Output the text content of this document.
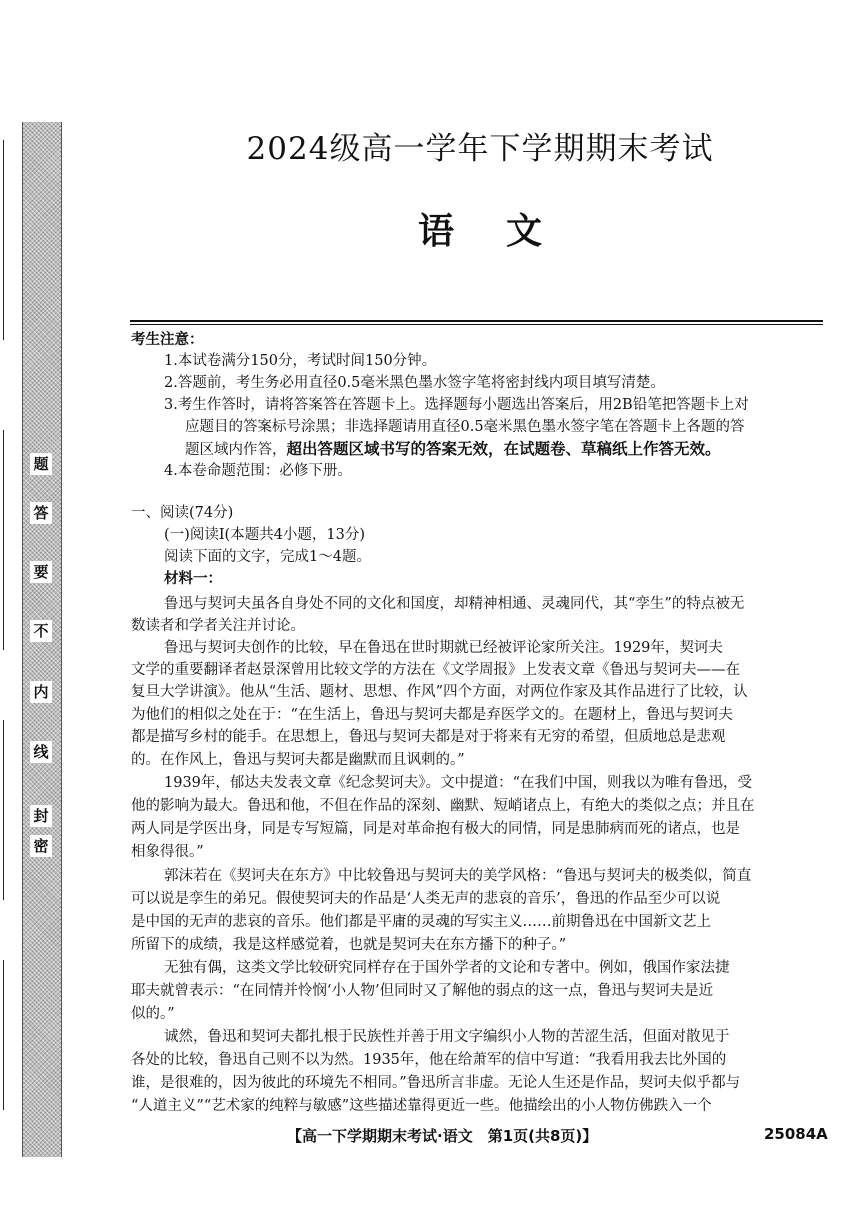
题
答
要
不
内
线
封
密
2024级高一学年下学期期末考试
语文
考生注意：
1.本试卷满分150分，考试时间150分钟。
2.答题前，考生务必用直径0.5毫米黑色墨水签字笔将密封线内项目填写清楚。
3.考生作答时，请将答案答在答题卡上。选择题每小题选出答案后，用2B铅笔把答题卡上对
应题目的答案标号涂黑；非选择题请用直径0.5毫米黑色墨水签字笔在答题卡上各题的答
题区域内作答，超出答题区域书写的答案无效，在试题卷、草稿纸上作答无效。
4.本卷命题范围：必修下册。
一、阅读(74分)
(一)阅读Ⅰ(本题共4小题，13分)
阅读下面的文字，完成1～4题。
材料一：
鲁迅与契诃夫虽各自身处不同的文化和国度，却精神相通、灵魂同代，其“孪生”的特点被无
数读者和学者关注并讨论。
鲁迅与契诃夫创作的比较，早在鲁迅在世时期就已经被评论家所关注。1929年，契诃夫
文学的重要翻译者赵景深曾用比较文学的方法在《文学周报》上发表文章《鲁迅与契诃夫——在
复旦大学讲演》。他从“生活、题材、思想、作风”四个方面，对两位作家及其作品进行了比较，认
为他们的相似之处在于：“在生活上，鲁迅与契诃夫都是弃医学文的。在题材上，鲁迅与契诃夫
都是描写乡村的能手。在思想上，鲁迅与契诃夫都是对于将来有无穷的希望，但质地总是悲观
的。在作风上，鲁迅与契诃夫都是幽默而且讽刺的。”
1939年，郁达夫发表文章《纪念契诃夫》。文中提道：“在我们中国，则我以为唯有鲁迅，受
他的影响为最大。鲁迅和他，不但在作品的深刻、幽默、短峭诸点上，有绝大的类似之点；并且在
两人同是学医出身，同是专写短篇，同是对革命抱有极大的同情，同是患肺病而死的诸点，也是
相象得很。”
郭沫若在《契诃夫在东方》中比较鲁迅与契诃夫的美学风格：“鲁迅与契诃夫的极类似，简直
可以说是孪生的弟兄。假使契诃夫的作品是‘人类无声的悲哀的音乐’，鲁迅的作品至少可以说
是中国的无声的悲哀的音乐。他们都是平庸的灵魂的写实主义……前期鲁迅在中国新文艺上
所留下的成绩，我是这样感觉着，也就是契诃夫在东方播下的种子。”
无独有偶，这类文学比较研究同样存在于国外学者的文论和专著中。例如，俄国作家法捷
耶夫就曾表示：“在同情并怜悯‘小人物’但同时又了解他的弱点的这一点，鲁迅与契诃夫是近
似的。”
诚然，鲁迅和契诃夫都扎根于民族性并善于用文字编织小人物的苦涩生活，但面对散见于
各处的比较，鲁迅自己则不以为然。1935年，他在给萧军的信中写道：“我看用我去比外国的
谁，是很难的，因为彼此的环境先不相同。”鲁迅所言非虚。无论人生还是作品，契诃夫似乎都与
“人道主义”“艺术家的纯粹与敏感”这些描述靠得更近一些。他描绘出的小人物仿佛跌入一个
【高一下学期期末考试·语文　第1页(共8页)】	25084A
